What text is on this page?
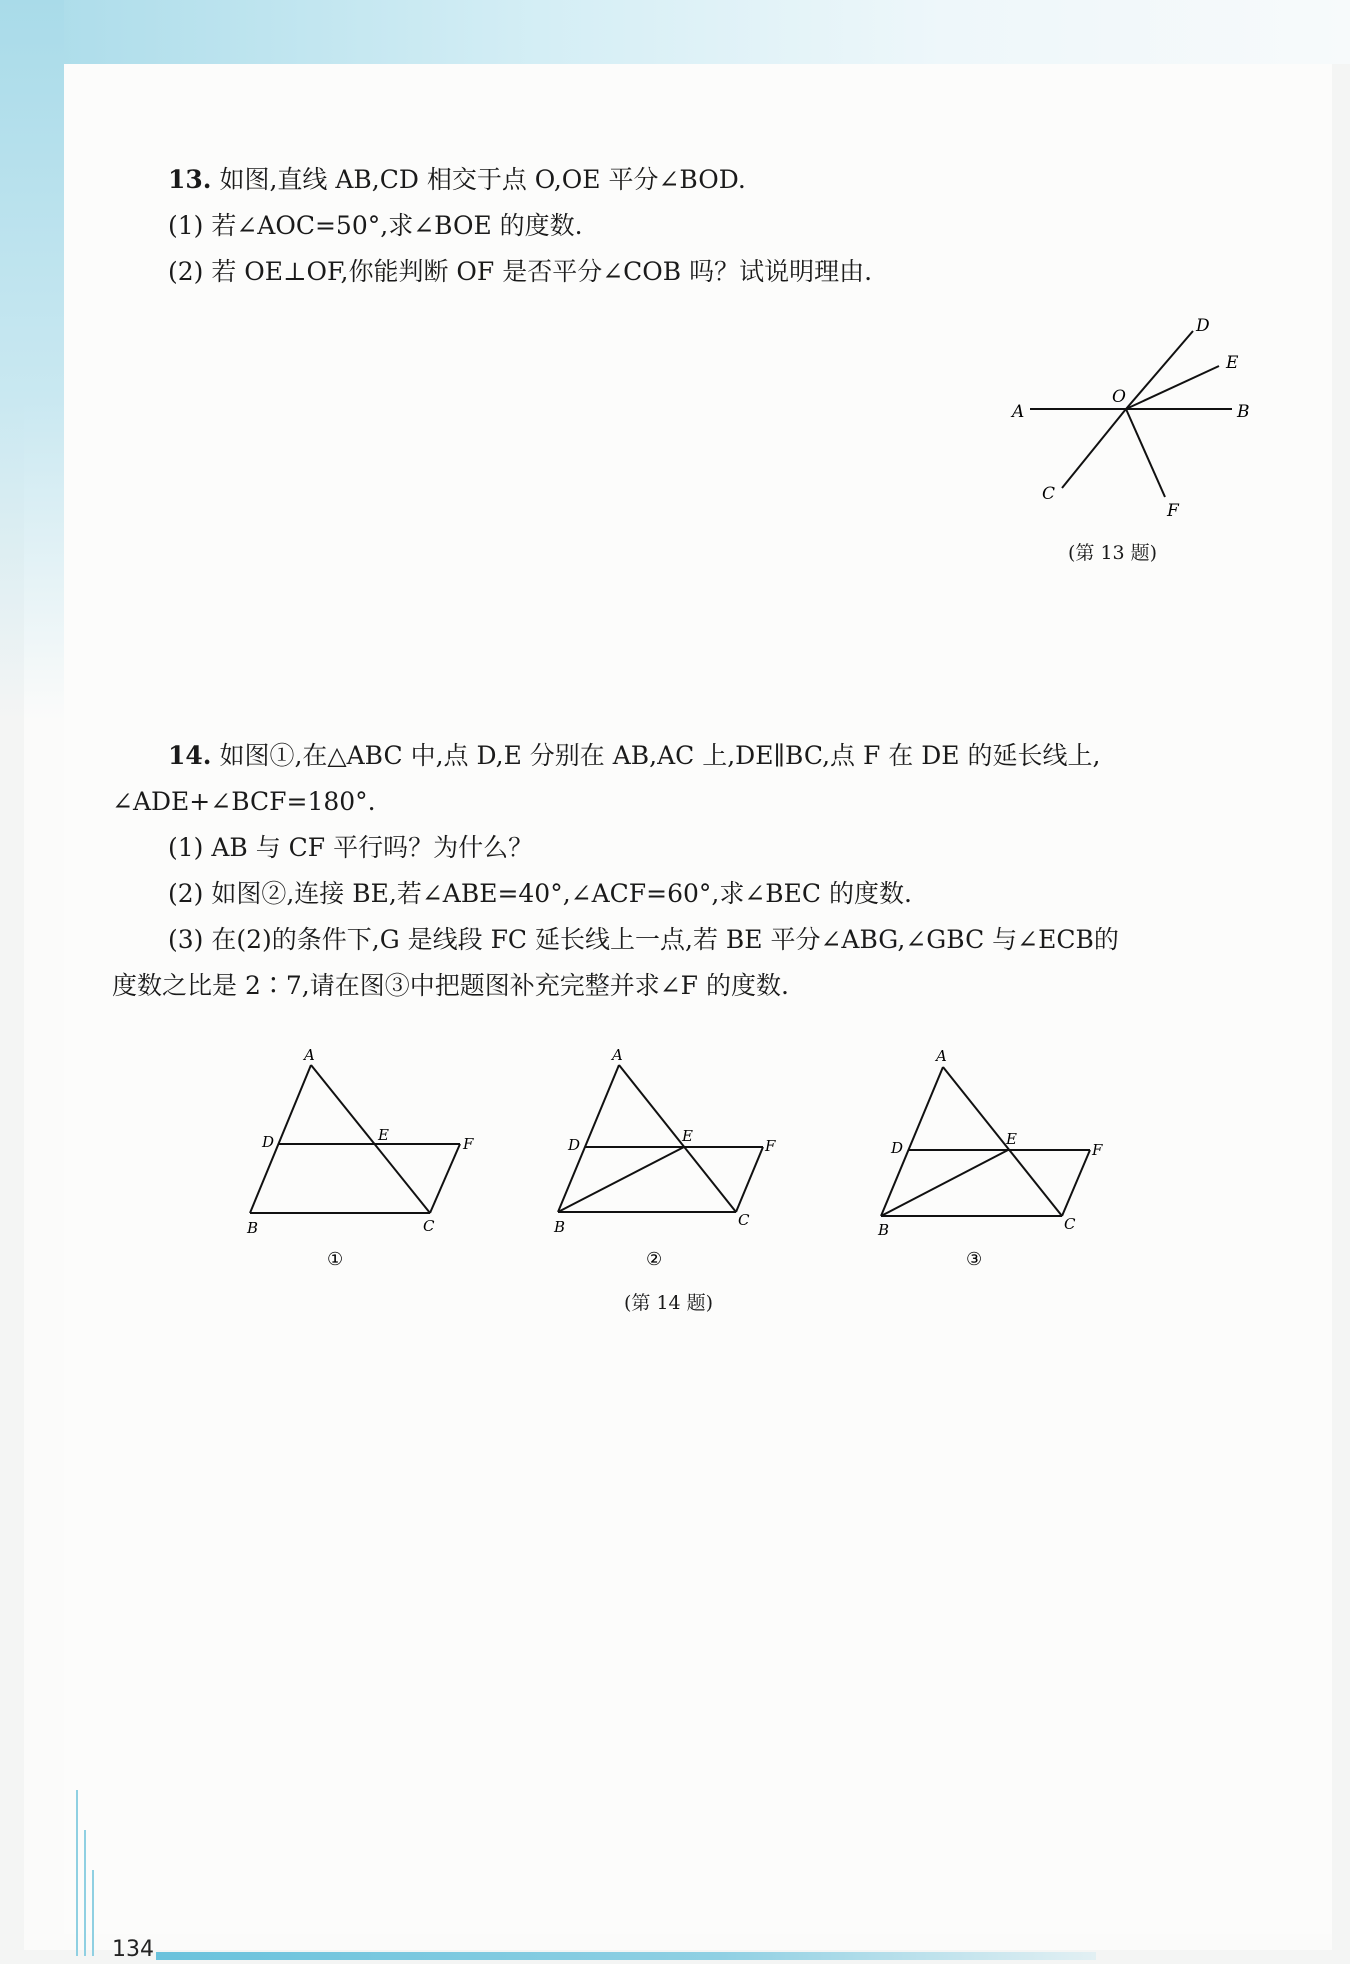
13. 如图,直线 AB,CD 相交于点 O,OE 平分∠BOD.
(1) 若∠AOC=50°,求∠BOE 的度数.
(2) 若 OE⊥OF,你能判断 OF 是否平分∠COB 吗？试说明理由.
A
O
B
D
E
C
F
(第 13 题)
14. 如图①,在△ABC 中,点 D,E 分别在 AB,AC 上,DE∥BC,点 F 在 DE 的延长线上,
∠ADE+∠BCF=180°.
(1) AB 与 CF 平行吗？为什么？
(2) 如图②,连接 BE,若∠ABE=40°,∠ACF=60°,求∠BEC 的度数.
(3) 在(2)的条件下,G 是线段 FC 延长线上一点,若 BE 平分∠ABG,∠GBC 与∠ECB的
度数之比是 2∶7,请在图③中把题图补充完整并求∠F 的度数.
A
D	E	F
B	C
①
A
D	E
F
B	C
②
A
D	E
F
B	C
③
(第 14 题)
134
